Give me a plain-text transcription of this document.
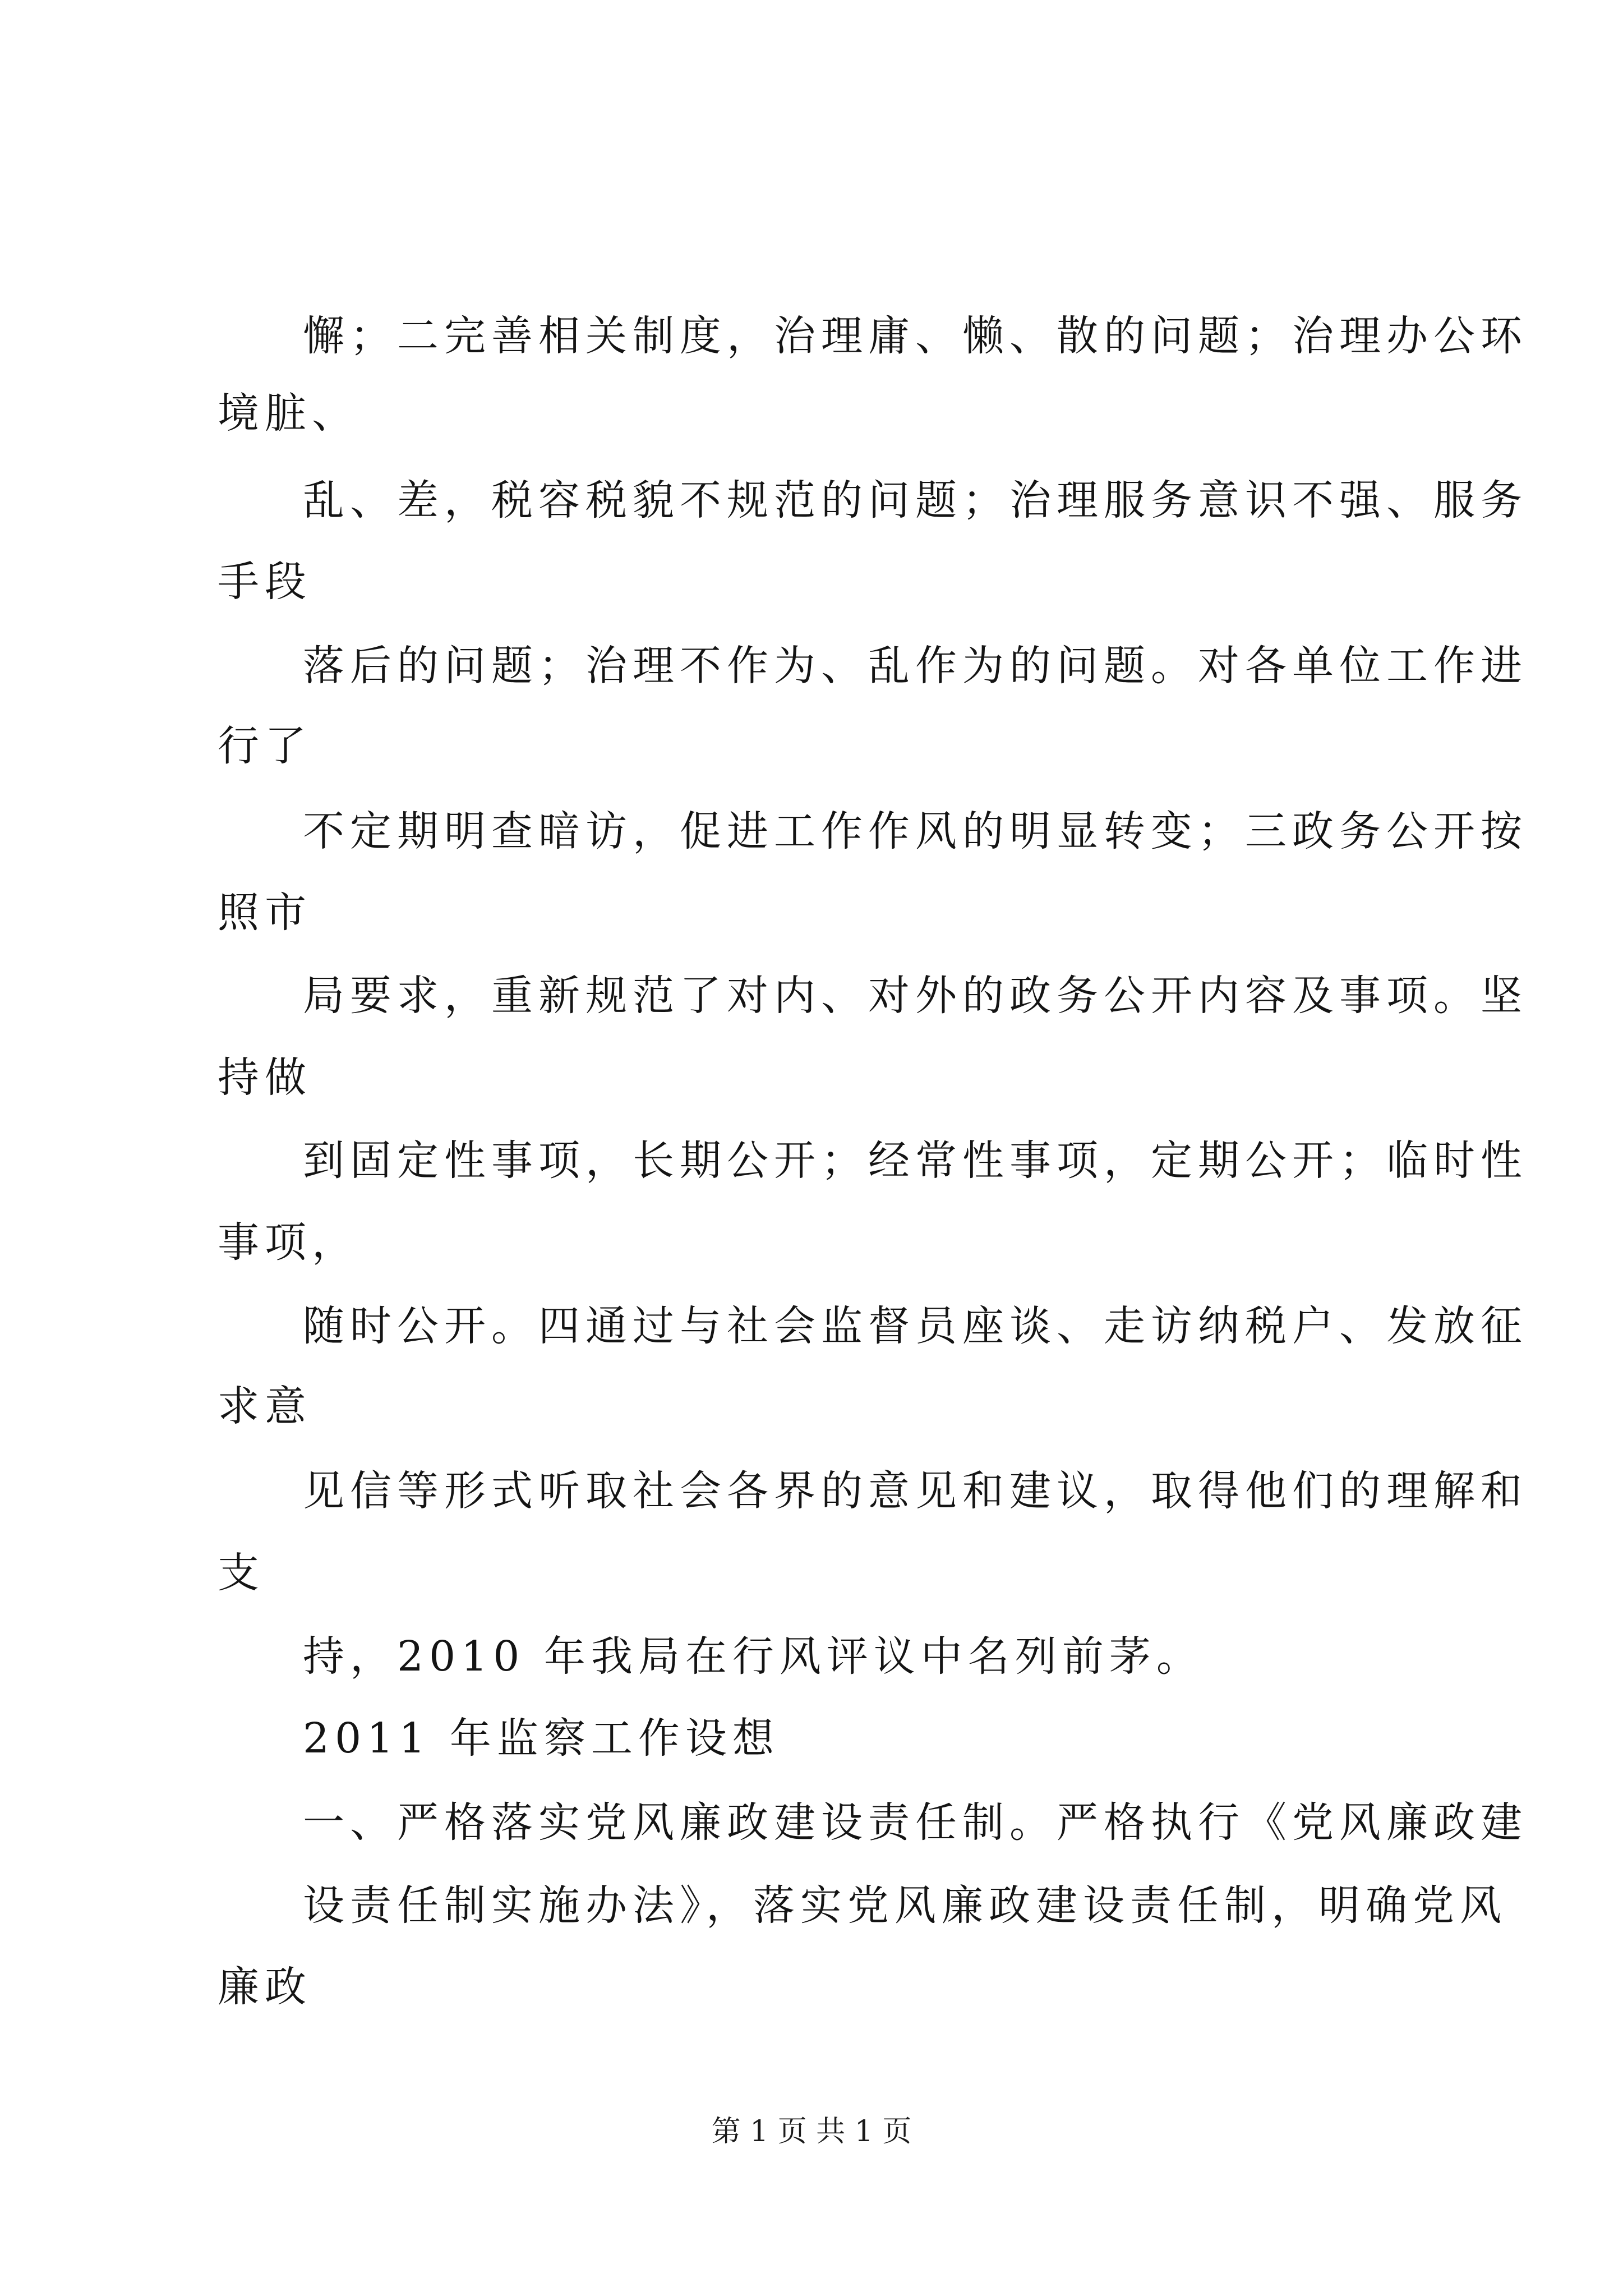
懈；二完善相关制度，治理庸、懒、散的问题；治理办公环
境脏、
乱、差，税容税貌不规范的问题；治理服务意识不强、服务
手段
落后的问题；治理不作为、乱作为的问题。对各单位工作进
行了
不定期明查暗访，促进工作作风的明显转变；三政务公开按
照市
局要求，重新规范了对内、对外的政务公开内容及事项。坚
持做
到固定性事项，长期公开；经常性事项，定期公开；临时性
事项，
随时公开。四通过与社会监督员座谈、走访纳税户、发放征
求意
见信等形式听取社会各界的意见和建议，取得他们的理解和
支
持，2010 年我局在行风评议中名列前茅。
2011 年监察工作设想
一、严格落实党风廉政建设责任制。严格执行《党风廉政建
设责任制实施办法》，落实党风廉政建设责任制，明确党风
廉政
第 1 页 共 1 页
